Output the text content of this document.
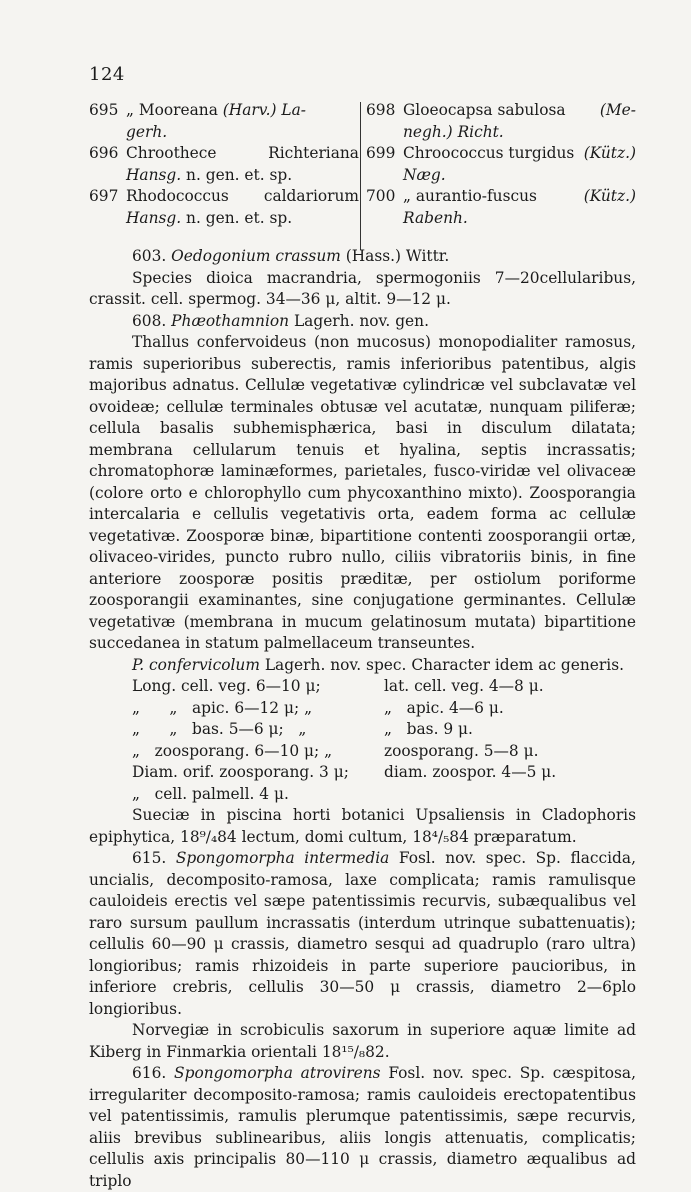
124
695 „ Mooreana (Harv.) La-
gerh.
696 Chroothece	Richteriana
Hansg. n. gen. et. sp.
697 Rhodococcus caldariorum
Hansg. n. gen. et. sp.
698 Gloeocapsa sabulosa (Me-
negh.) Richt.
699 Chroococcus turgidus (Kütz.)
Næg.
700 „ aurantio-fuscus	(Kütz.)
Rabenh.

603. Oedogonium crassum (Hass.) Wittr.

Species dioica macrandria, spermogoniis 7—20cellularibus, crassit. cell. spermog. 34—36 μ, altit. 9—12 μ.

608. Phæothamnion Lagerh. nov. gen.

Thallus confervoideus (non mucosus) monopodialiter ramosus, ramis superioribus suberectis, ramis inferioribus patentibus, algis majoribus adnatus. Cellulæ vegetativæ cylindricæ vel subclavatæ vel ovoideæ; cellulæ terminales obtusæ vel acutatæ, nunquam piliferæ; cellula basalis subhemisphærica, basi in disculum dilatata; membrana cellularum tenuis et hyalina, septis incrassatis; chromatophoræ laminæformes, parietales, fusco-viridæ vel olivaceæ (colore orto e chlorophyllo cum phycoxanthino mixto). Zoosporangia intercalaria e cellulis vegetativis orta, eadem forma ac cellulæ vegetativæ. Zoosporæ binæ, bipartitione contenti zoosporangii ortæ, olivaceo-virides, puncto rubro nullo, ciliis vibratoriis binis, in fine anteriore zoosporæ positis præditæ, per ostiolum poriforme zoosporangii examinantes, sine conjugatione germinantes. Cellulæ vegetativæ (membrana in mucum gelatinosum mutata) bipartitione succedanea in statum palmellaceum transeuntes.

P. confervicolum Lagerh. nov. spec. Character idem ac generis.

Long. cell. veg. 6—10 μ;	lat. cell. veg. 4—8 μ.
„      „   apic. 6—12 μ; „	„   apic. 4—6 μ.
„      „   bas. 5—6 μ;   „	„   bas. 9 μ.
„   zoosporang. 6—10 μ; „	zoosporang. 5—8 μ.
Diam. orif. zoosporang. 3 μ;	diam. zoospor. 4—5 μ.
„   cell. palmell. 4 μ.

Sueciæ in piscina horti botanici Upsaliensis in Cladophoris epiphytica, 18⁹/₄84 lectum, domi cultum, 18⁴/₅84 præparatum.

615. Spongomorpha intermedia Fosl. nov. spec. Sp. flaccida, uncialis, decomposito-ramosa, laxe complicata; ramis ramulisque cauloideis erectis vel sæpe patentissimis recurvis, subæqualibus vel raro sursum paullum incrassatis (interdum utrinque subattenuatis); cellulis 60—90 μ crassis, diametro sesqui ad quadruplo (raro ultra) longioribus; ramis rhizoideis in parte superiore paucioribus, in inferiore crebris, cellulis 30—50 μ crassis, diametro 2—6plo longioribus.

Norvegiæ in scrobiculis saxorum in superiore aquæ limite ad Kiberg in Finmarkia orientali 18¹⁵/₈82.

616. Spongomorpha atrovirens Fosl. nov. spec. Sp. cæspitosa, irregulariter decomposito-ramosa; ramis cauloideis erectopatentibus vel patentissimis, ramulis plerumque patentissimis, sæpe recurvis, aliis brevibus sublinearibus, aliis longis attenuatis, complicatis; cellulis axis principalis 80—110 μ crassis, diametro æqualibus ad triplo
